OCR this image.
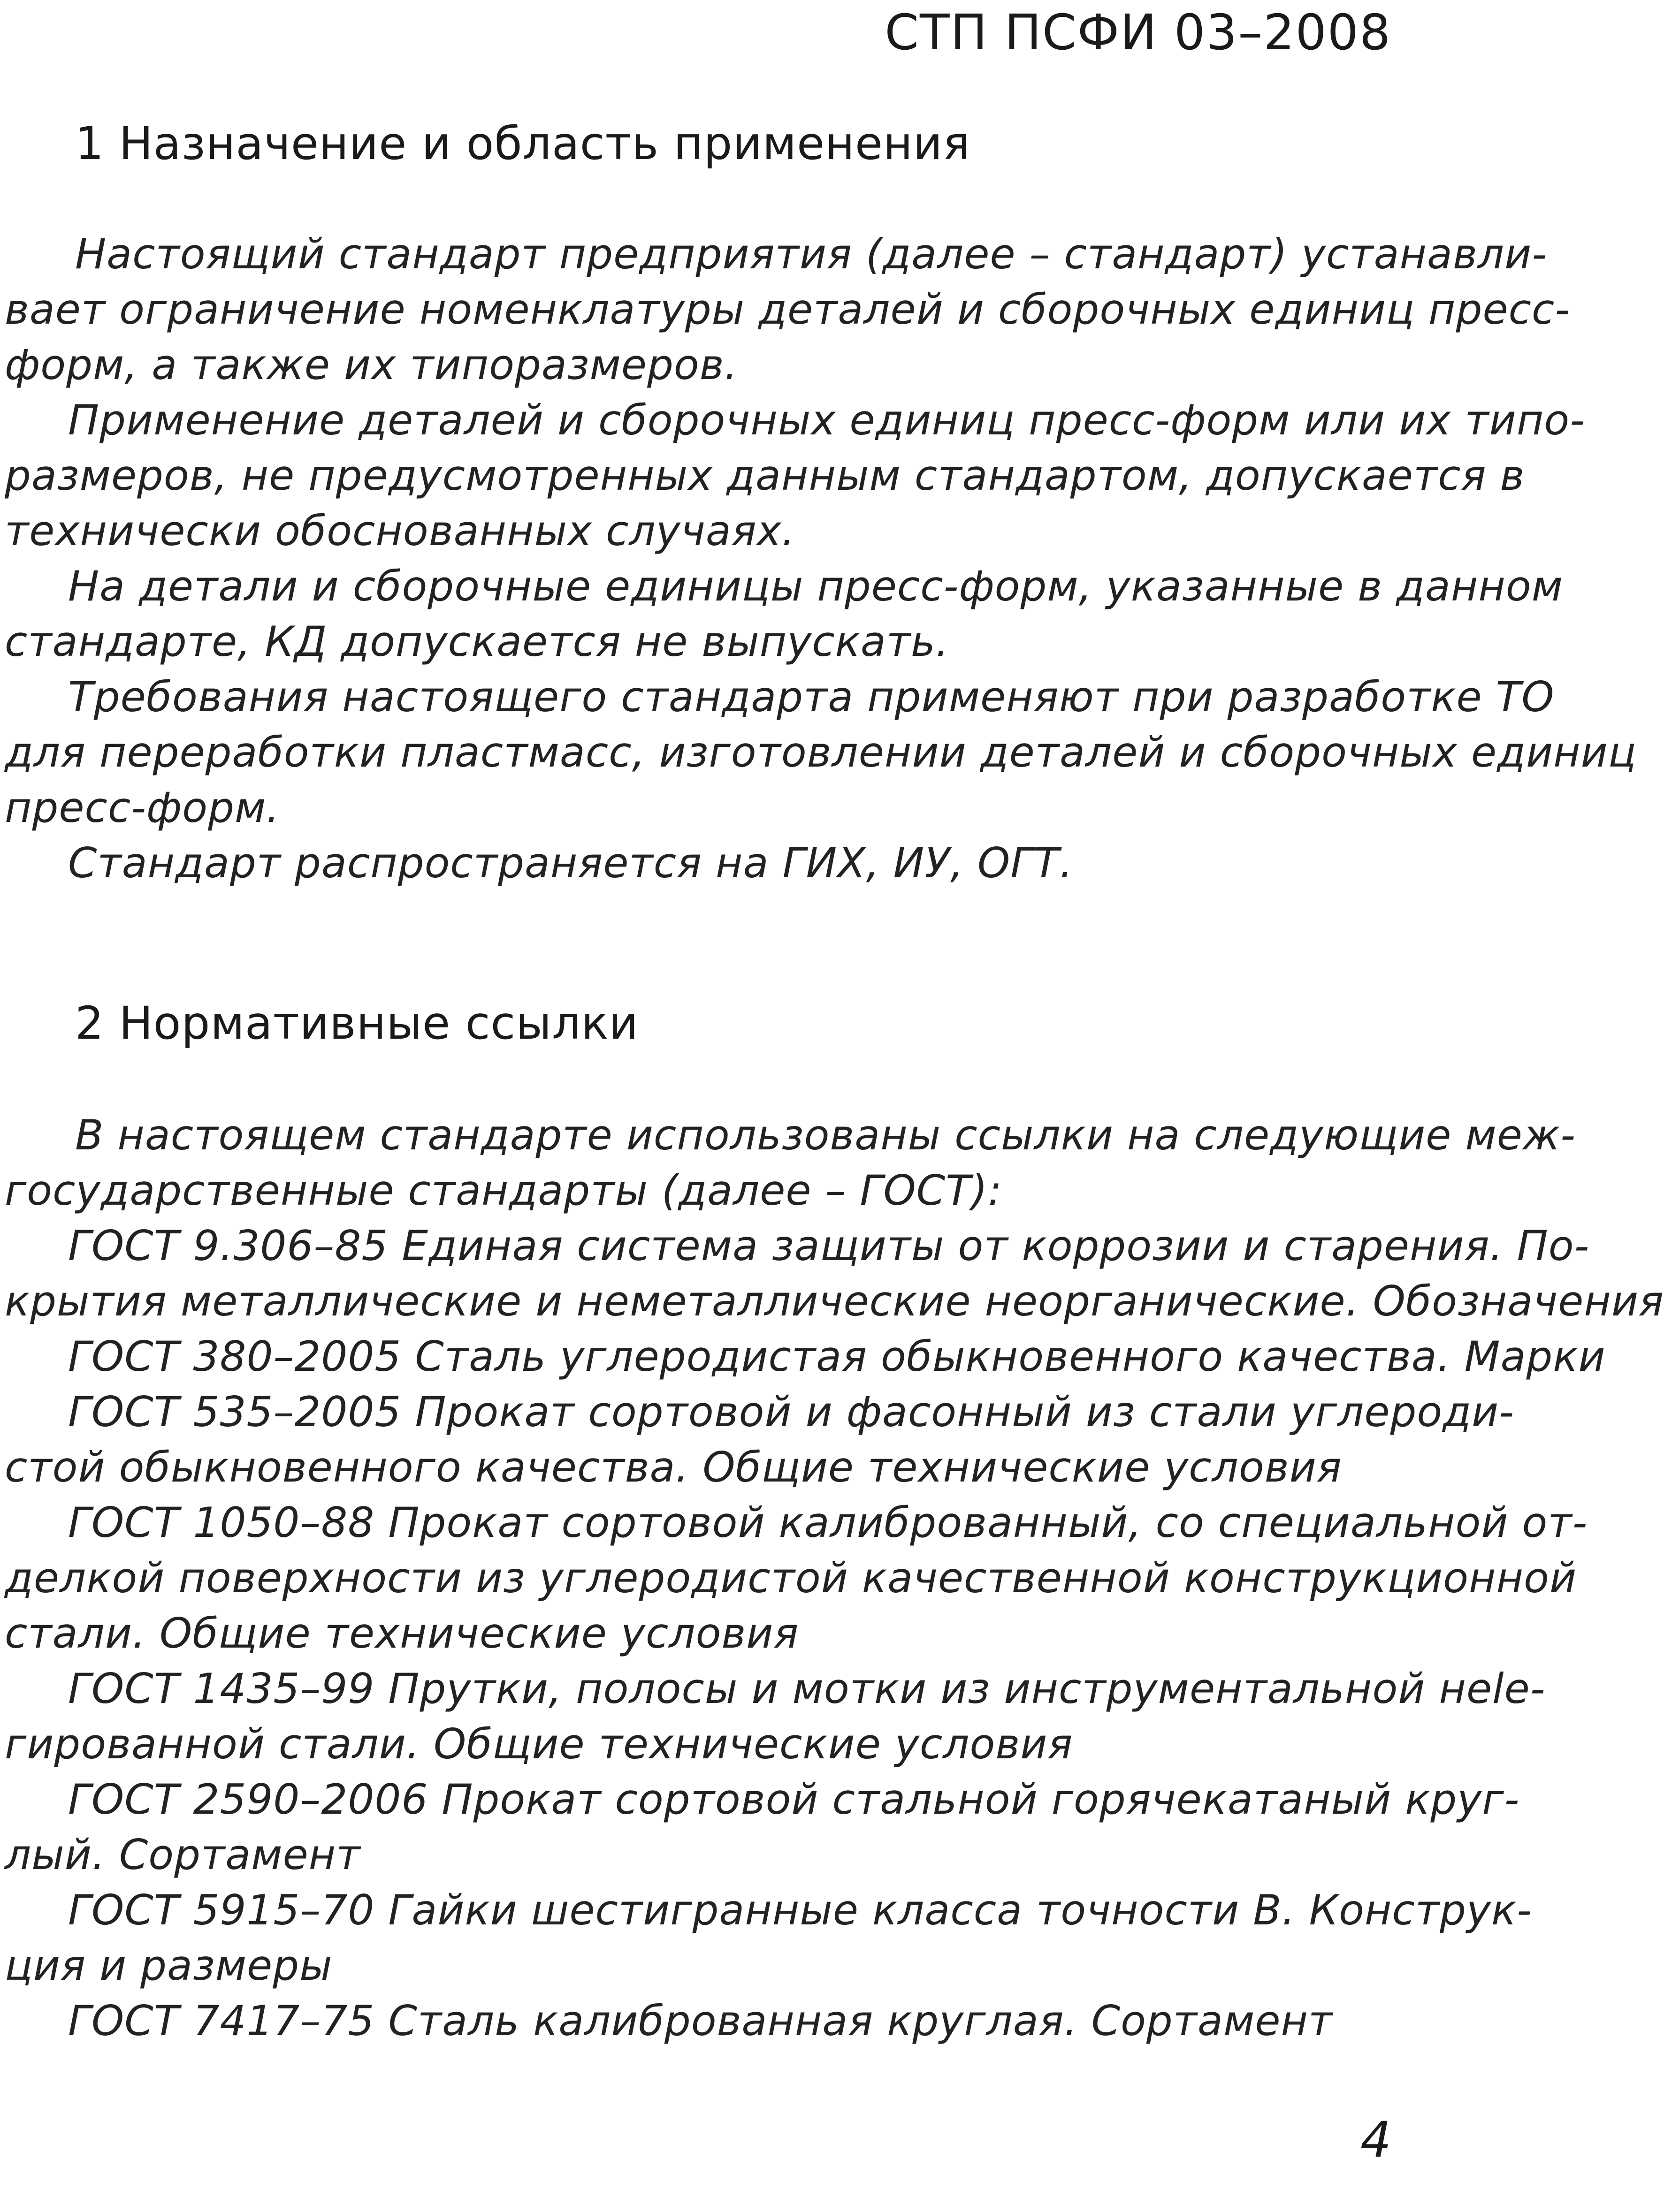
СТП ПСФИ 03–2008
1 Назначение и область применения
Настоящий стандарт предприятия (далее – стандарт) устанавли-
вает ограничение номенклатуры деталей и сборочных единиц пресс-
форм, а также их типоразмеров.
Применение деталей и сборочных единиц пресс-форм или их типо-
размеров, не предусмотренных данным стандартом, допускается в
технически обоснованных случаях.
На детали и сборочные единицы пресс-форм, указанные в данном
стандарте, КД допускается не выпускать.
Требования настоящего стандарта применяют при разработке ТО
для переработки пластмасс, изготовлении деталей и сборочных единиц
пресс-форм.
Стандарт распространяется на ГИХ, ИУ, ОГТ.
2 Нормативные ссылки
В настоящем стандарте использованы ссылки на следующие меж-
государственные стандарты (далее – ГОСТ):
ГОСТ 9.306–85 Единая система защиты от коррозии и старения. По-
крытия металлические и неметаллические неорганические. Обозначения
ГОСТ 380–2005 Сталь углеродистая обыкновенного качества. Марки
ГОСТ 535–2005 Прокат сортовой и фасонный из стали углероди-
стой обыкновенного качества. Общие технические условия
ГОСТ 1050–88 Прокат сортовой калиброванный, со специальной от-
делкой поверхности из углеродистой качественной конструкционной
стали. Общие технические условия
ГОСТ 1435–99 Прутки, полосы и мотки из инструментальной нele-
гированной стали. Общие технические условия
ГОСТ 2590–2006 Прокат сортовой стальной горячекатаный круг-
лый. Сортамент
ГОСТ 5915–70 Гайки шестигранные класса точности В. Конструк-
ция и размеры
ГОСТ 7417–75 Сталь калиброванная круглая. Сортамент
4
